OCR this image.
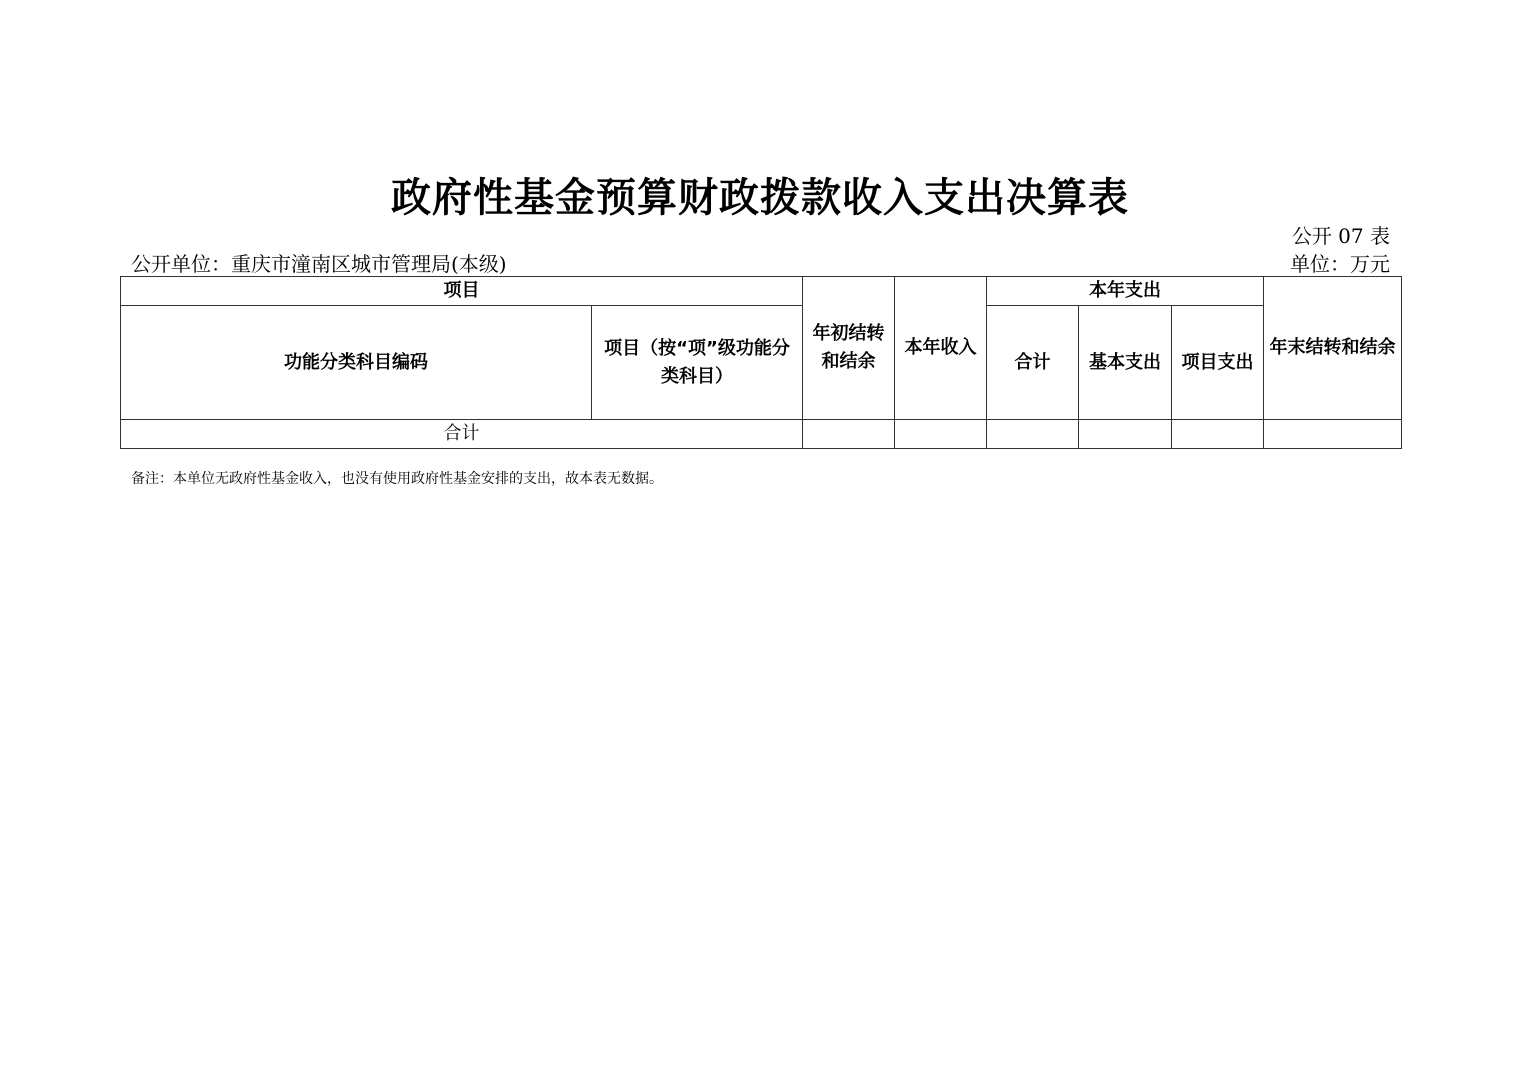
政府性基金预算财政拨款收入支出决算表
公开 07 表
公开单位：重庆市潼南区城市管理局(本级)	单位：万元
项目		年初结转和结余	本年收入	本年支出			年末结转和结余
功能分类科目编码	项目（按“项”级功能分类科目）			合计	基本支出	项目支出	
合计							
备注：本单位无政府性基金收入，也没有使用政府性基金安排的支出，故本表无数据。
